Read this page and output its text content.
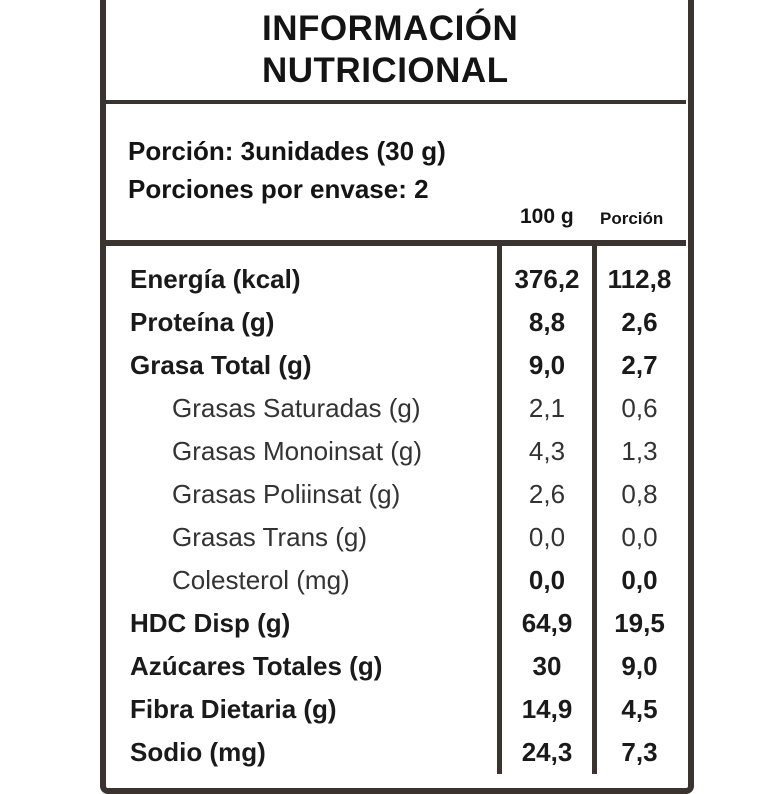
INFORMACIÓN
NUTRICIONAL
Porción: 3unidades (30 g)
Porciones por envase: 2
100 g Porción
Energía (kcal)	376,2	112,8
Proteína (g)	8,8	2,6
Grasa Total (g)	9,0	2,7
Grasas Saturadas (g)	2,1	0,6
Grasas Monoinsat (g)	4,3	1,3
Grasas Poliinsat (g)	2,6	0,8
Grasas Trans (g)	0,0	0,0
Colesterol (mg)	0,0	0,0
HDC Disp (g)	64,9	19,5
Azúcares Totales (g)	30	9,0
Fibra Dietaria (g)	14,9	4,5
Sodio (mg)	24,3	7,3
